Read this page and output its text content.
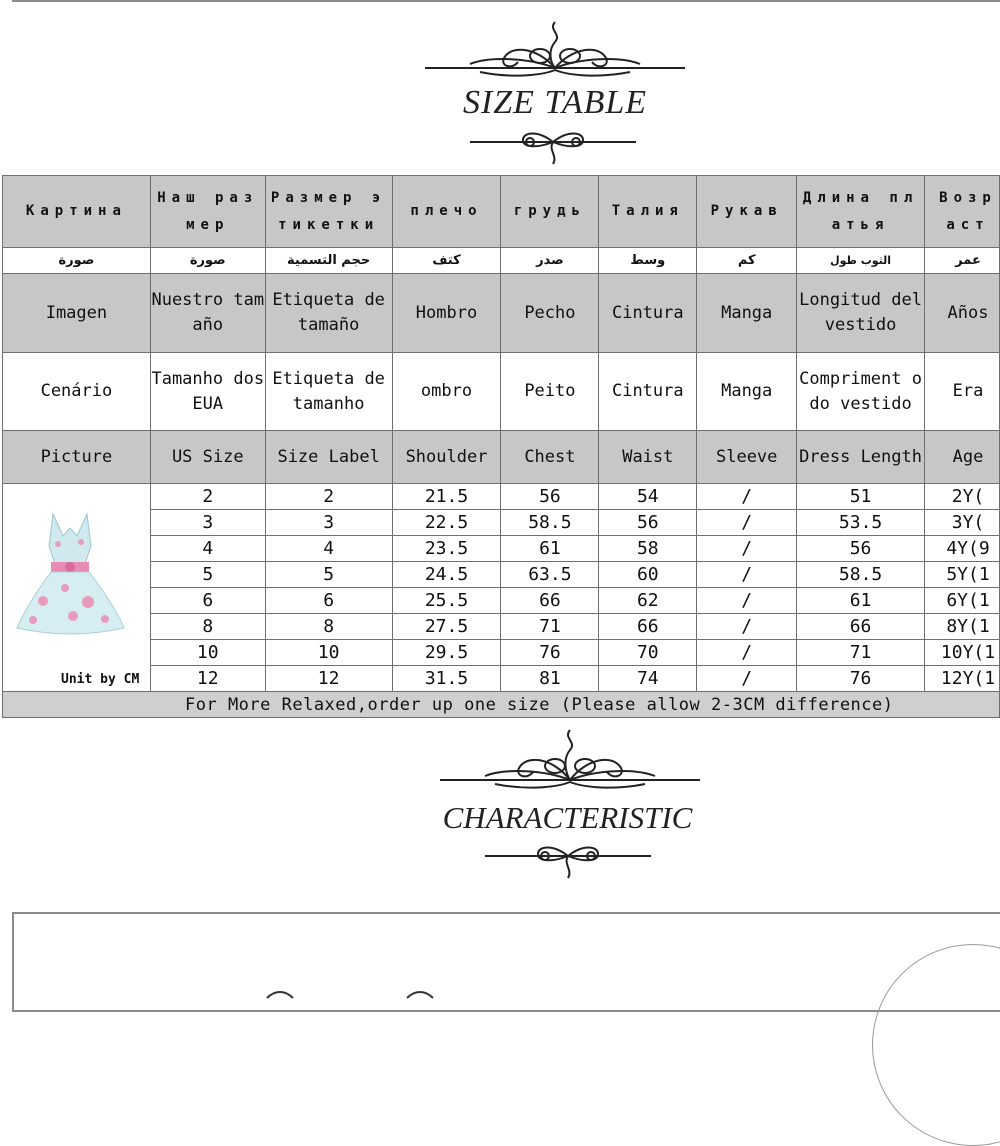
SIZE TABLE
Картина	Наш размер	Размер этикетки	плечо	грудь	Талия	Рукав	Длина платья	Возраст
صورة	صورة	حجم التسمية	كتف	صدر	وسط	كم	الثوب طول	عمر
Imagen	Nuestro tamaño	Etiqueta de tamaño	Hombro	Pecho	Cintura	Manga	Longitud del vestido	Años
Cenário	Tamanho dos EUA	Etiqueta de tamanho	ombro	Peito	Cintura	Manga	Compriment o do vestido	Era
Picture	US Size	Size Label	Shoulder	Chest	Waist	Sleeve	Dress Length	Age

Unit by CM	2	2	21.5	56	54	/	51	2Y(
	3	3	22.5	58.5	56	/	53.5	3Y(
	4	4	23.5	61	58	/	56	4Y(9
	5	5	24.5	63.5	60	/	58.5	5Y(1
	6	6	25.5	66	62	/	61	6Y(1
	8	8	27.5	71	66	/	66	8Y(1
	10	10	29.5	76	70	/	71	10Y(1
	12	12	31.5	81	74	/	76	12Y(1
For More Relaxed,order up one size (Please allow 2-3CM difference)								
CHARACTERISTIC
